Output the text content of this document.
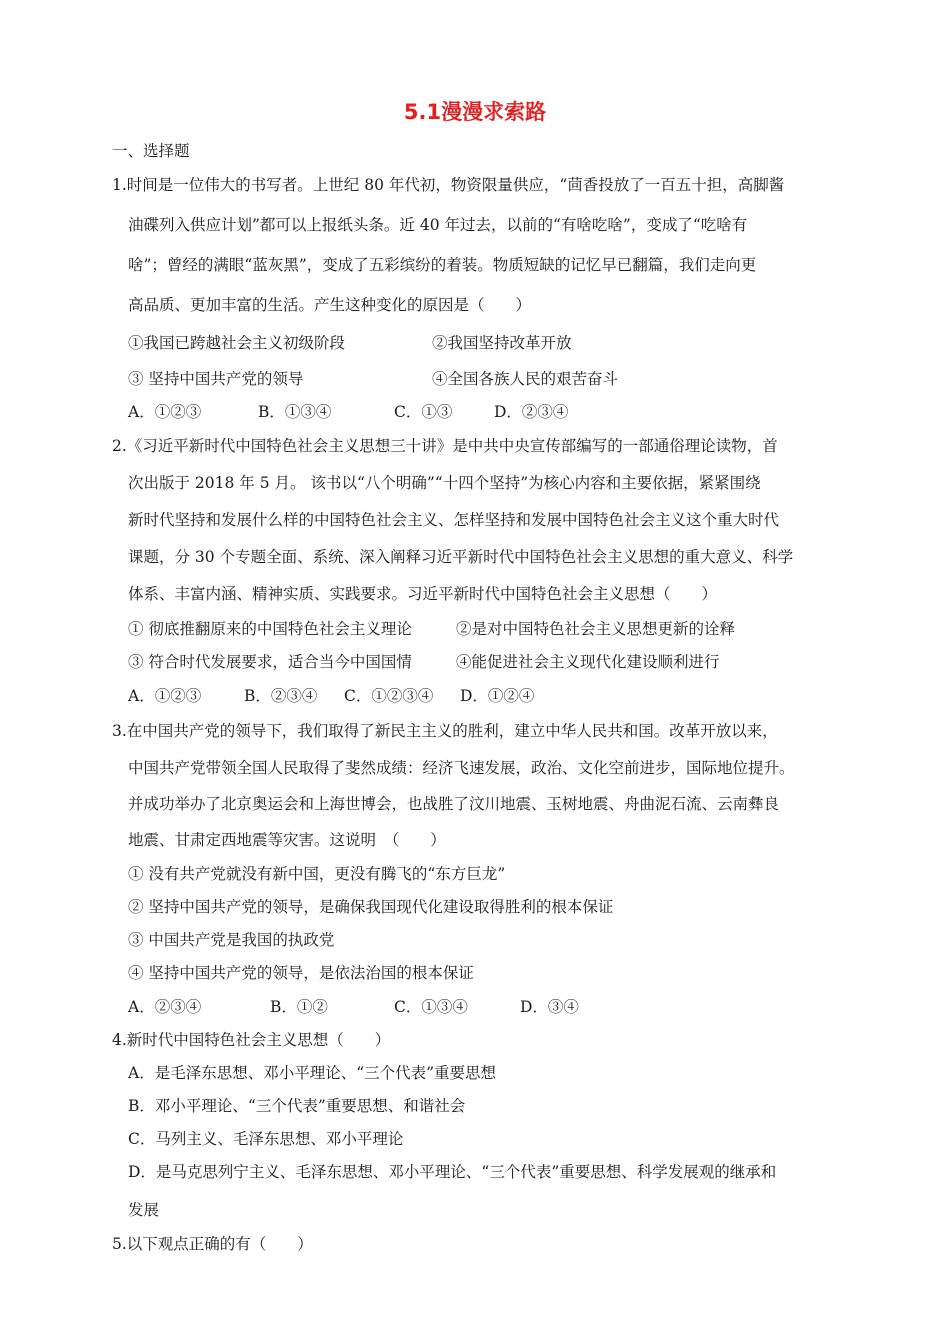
5.1漫漫求索路
一、选择题
1.时间是一位伟大的书写者。上世纪 80 年代初，物资限量供应，“茴香投放了一百五十担，高脚酱
油碟列入供应计划”都可以上报纸头条。近 40 年过去，以前的“有啥吃啥”，变成了“吃啥有
啥”；曾经的满眼“蓝灰黑”，变成了五彩缤纷的着装。物质短缺的记忆早已翻篇，我们走向更
高品质、更加丰富的生活。产生这种变化的原因是（　　）
①我国已跨越社会主义初级阶段	②我国坚持改革开放
③ 坚持中国共产党的领导	④全国各族人民的艰苦奋斗
A．①②③	B．①③④	C．①③	D．②③④
2.《习近平新时代中国特色社会主义思想三十讲》是中共中央宣传部编写的一部通俗理论读物，首
次出版于 2018 年 5 月。 该书以“八个明确”“十四个坚持”为核心内容和主要依据，紧紧围绕
新时代坚持和发展什么样的中国特色社会主义、怎样坚持和发展中国特色社会主义这个重大时代
课题，分 30 个专题全面、系统、深入阐释习近平新时代中国特色社会主义思想的重大意义、科学
体系、丰富内涵、精神实质、实践要求。习近平新时代中国特色社会主义思想（　　）
① 彻底推翻原来的中国特色社会主义理论	②是对中国特色社会主义思想更新的诠释
③ 符合时代发展要求，适合当今中国国情	④能促进社会主义现代化建设顺利进行
A．①②③	B．②③④ C．①②③④ D．①②④
3.在中国共产党的领导下，我们取得了新民主主义的胜利，建立中华人民共和国。改革开放以来，
中国共产党带领全国人民取得了斐然成绩：经济飞速发展，政治、文化空前进步，国际地位提升。
并成功举办了北京奥运会和上海世博会，也战胜了汶川地震、玉树地震、舟曲泥石流、云南彝良
地震、甘肃定西地震等灾害。这说明　（　　）
① 没有共产党就没有新中国，更没有腾飞的“东方巨龙”
② 坚持中国共产党的领导，是确保我国现代化建设取得胜利的根本保证
③ 中国共产党是我国的执政党
④ 坚持中国共产党的领导，是依法治国的根本保证
A．②③④	B．①②	C．①③④	D．③④
4.新时代中国特色社会主义思想（　　）
A．是毛泽东思想、邓小平理论、“三个代表”重要思想
B．邓小平理论、“三个代表”重要思想、和谐社会
C．马列主义、毛泽东思想、邓小平理论
D．是马克思列宁主义、毛泽东思想、邓小平理论、“三个代表”重要思想、科学发展观的继承和
发展
5.以下观点正确的有（　　）
